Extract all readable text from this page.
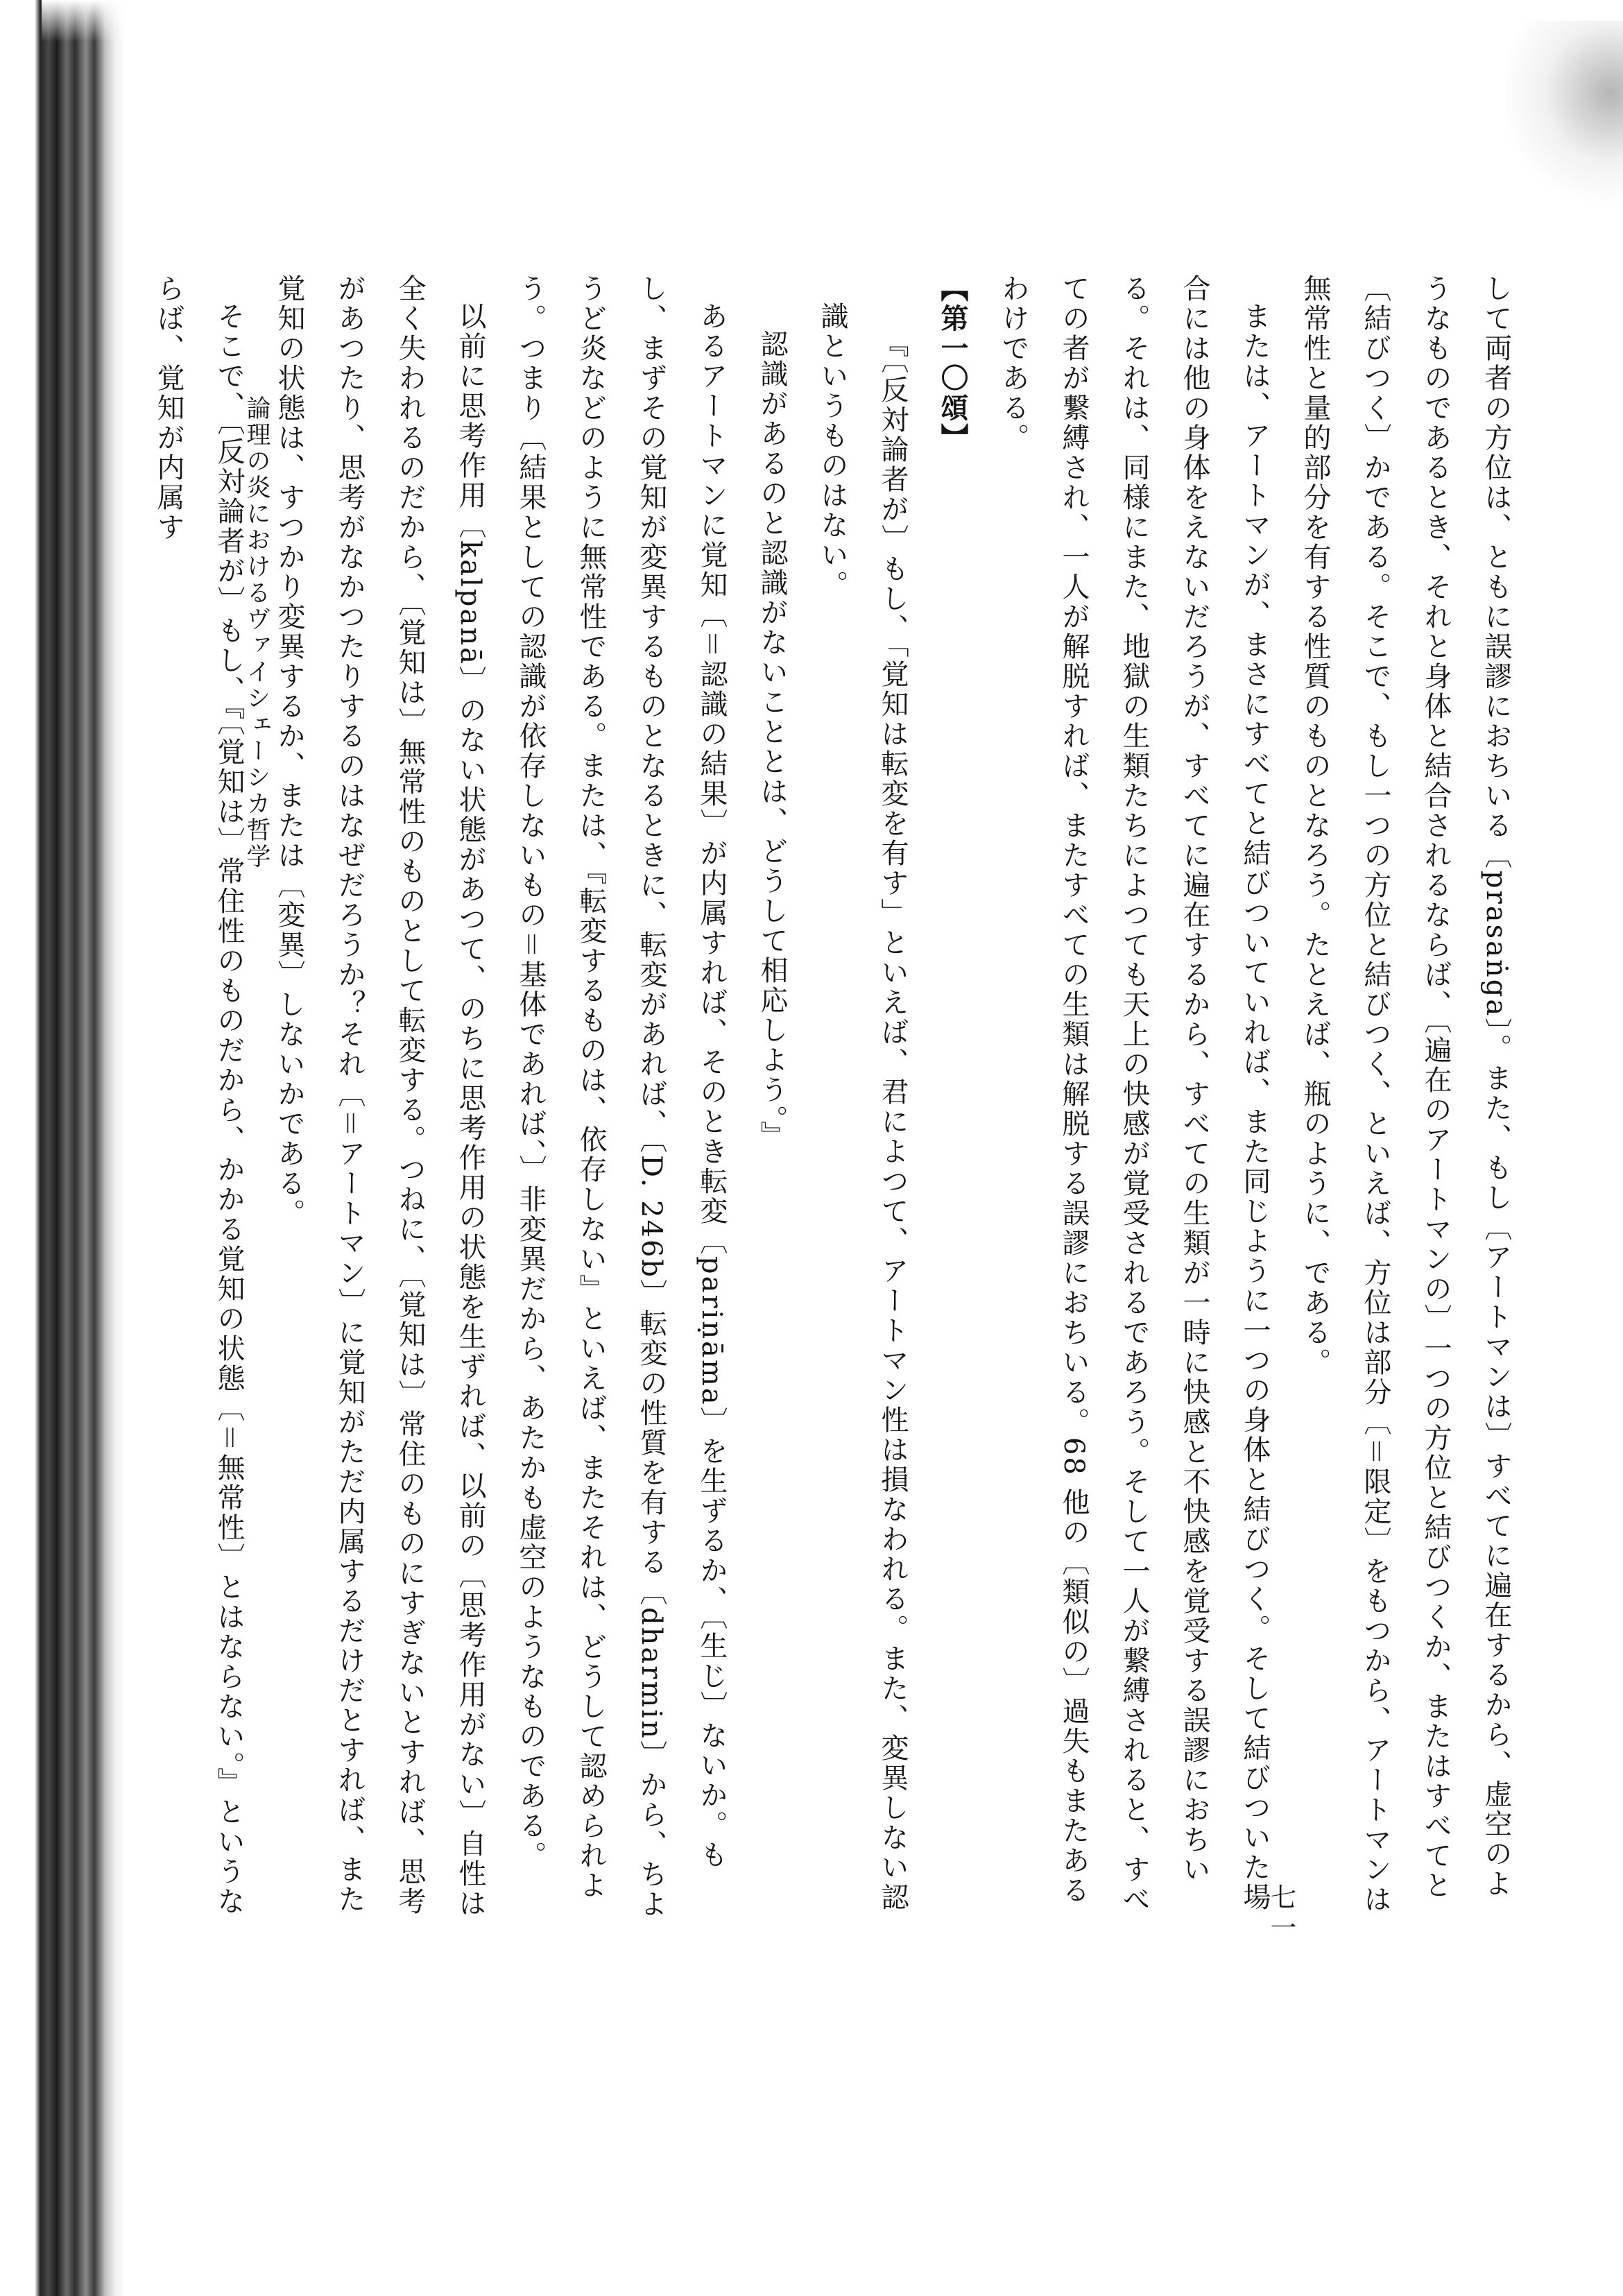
して両者の方位は、ともに誤謬におちいる〔prasaṅga〕。また、もし〔アートマンは〕すべてに遍在するから、虚空のようなものであるとき、それと身体と結合されるならば、〔遍在のアートマンの〕一つの方位と結びつくか、またはすべてと〔結びつく〕かである。そこで、もし一つの方位と結びつく、といえば、方位は部分〔＝限定〕をもつから、アートマンは無常性と量的部分を有する性質のものとなろう。たとえば、瓶のように、である。

または、アートマンが、まさにすべてと結びついていれば、また同じように一つの身体と結びつく。そして結びついた場合には他の身体をえないだろうが、すべてに遍在するから、すべての生類が一時に快感と不快感を覚受する誤謬におちいる。それは、同様にまた、地獄の生類たちによつても天上の快感が覚受されるであろう。そして一人が繋縛されると、すべての者が繋縛され、一人が解脱すれば、またすべての生類は解脱する誤謬におちいる。68 他の〔類似の〕過失もまたあるわけである。

【第一〇頌】

『〔反対論者が〕もし、「覚知は転変を有す」といえば、君によつて、アートマン性は損なわれる。また、変異しない認識というものはない。

認識があるのと認識がないこととは、どうして相応しよう。』

あるアートマンに覚知〔＝認識の結果〕が内属すれば、そのとき転変〔pariṇāma〕を生ずるか、〔生じ〕ないか。もし、まずその覚知が変異するものとなるときに、転変があれば、〔D. 246b〕転変の性質を有する〔dharmin〕から、ちようど炎などのように無常性である。または、『転変するものは、依存しない』といえば、またそれは、どうして認められよう。つまり〔結果としての認識が依存しないもの＝基体であれば、〕非変異だから、あたかも虚空のようなものである。

以前に思考作用〔kalpanā〕のない状態があつて、のちに思考作用の状態を生ずれば、以前の〔思考作用がない〕自性は全く失われるのだから、〔覚知は〕無常性のものとして転変する。つねに、〔覚知は〕常住のものにすぎないとすれば、思考があつたり、思考がなかつたりするのはなぜだろうか？それ〔＝アートマン〕に覚知がただ内属するだけだとすれば、また覚知の状態は、すつかり変異するか、または〔変異〕しないかである。

そこで、〔反対論者が〕もし、『〔覚知は〕常住性のものだから、かかる覚知の状態〔＝無常性〕とはならない。』というならば、覚知が内属す	論理の炎におけるヴァイシェーシカ哲学
七一
